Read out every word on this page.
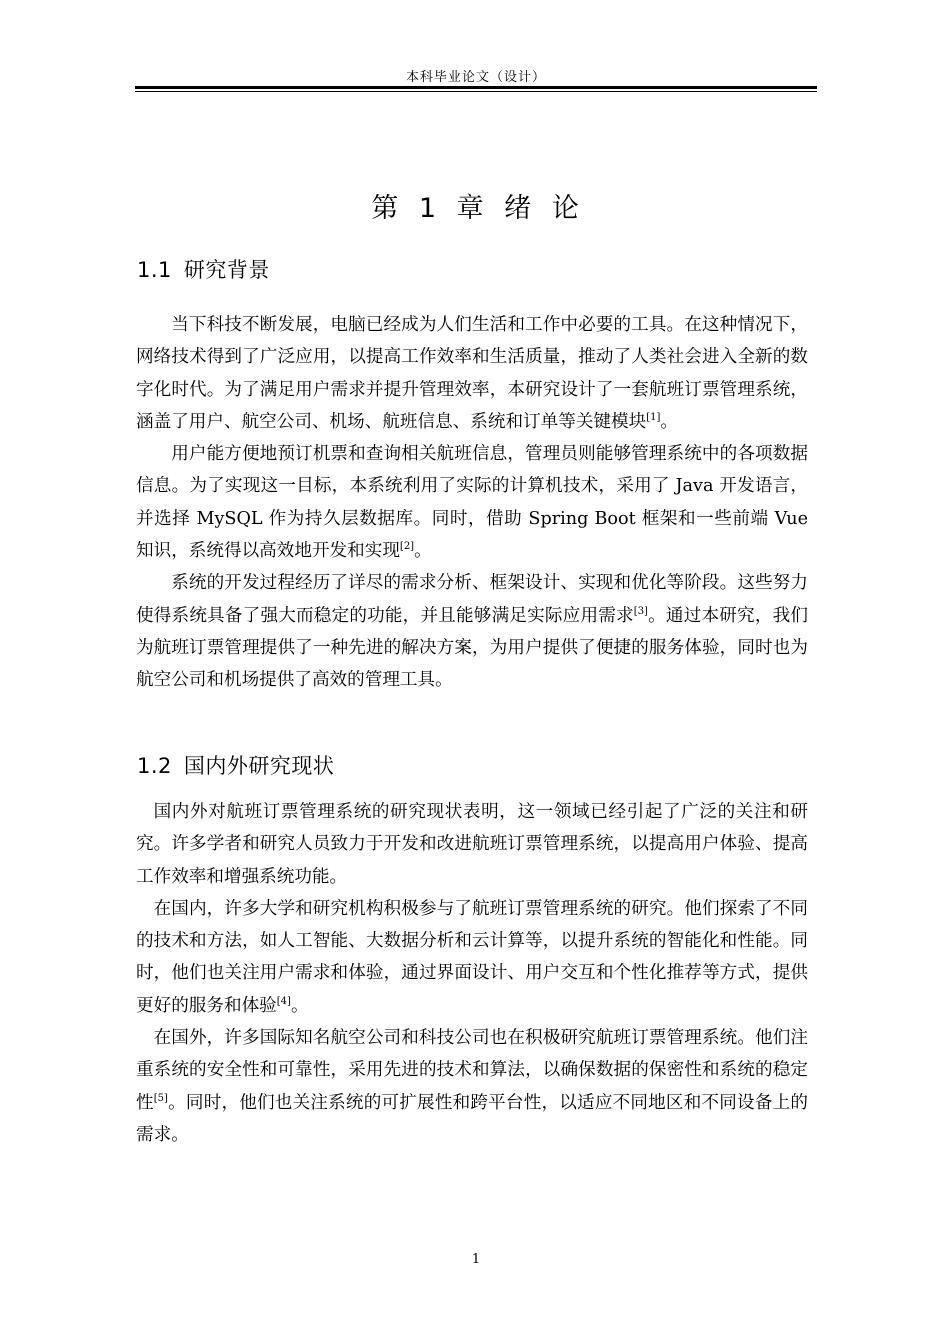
本科毕业论文（设计）
第 1 章 绪 论
1.1 研究背景

当下科技不断发展，电脑已经成为人们生活和工作中必要的工具。在这种情况下，网络技术得到了广泛应用，以提高工作效率和生活质量，推动了人类社会进入全新的数字化时代。为了满足用户需求并提升管理效率，本研究设计了一套航班订票管理系统，涵盖了用户、航空公司、机场、航班信息、系统和订单等关键模块[1]。

用户能方便地预订机票和查询相关航班信息，管理员则能够管理系统中的各项数据信息。为了实现这一目标，本系统利用了实际的计算机技术，采用了 Java 开发语言，并选择 MySQL 作为持久层数据库。同时，借助 Spring Boot 框架和一些前端 Vue 知识，系统得以高效地开发和实现[2]。

系统的开发过程经历了详尽的需求分析、框架设计、实现和优化等阶段。这些努力使得系统具备了强大而稳定的功能，并且能够满足实际应用需求[3]。通过本研究，我们为航班订票管理提供了一种先进的解决方案，为用户提供了便捷的服务体验，同时也为航空公司和机场提供了高效的管理工具。

1.2 国内外研究现状

国内外对航班订票管理系统的研究现状表明，这一领域已经引起了广泛的关注和研究。许多学者和研究人员致力于开发和改进航班订票管理系统，以提高用户体验、提高工作效率和增强系统功能。

在国内，许多大学和研究机构积极参与了航班订票管理系统的研究。他们探索了不同的技术和方法，如人工智能、大数据分析和云计算等，以提升系统的智能化和性能。同时，他们也关注用户需求和体验，通过界面设计、用户交互和个性化推荐等方式，提供更好的服务和体验[4]。

在国外，许多国际知名航空公司和科技公司也在积极研究航班订票管理系统。他们注重系统的安全性和可靠性，采用先进的技术和算法，以确保数据的保密性和系统的稳定性[5]。同时，他们也关注系统的可扩展性和跨平台性，以适应不同地区和不同设备上的需求。

1
